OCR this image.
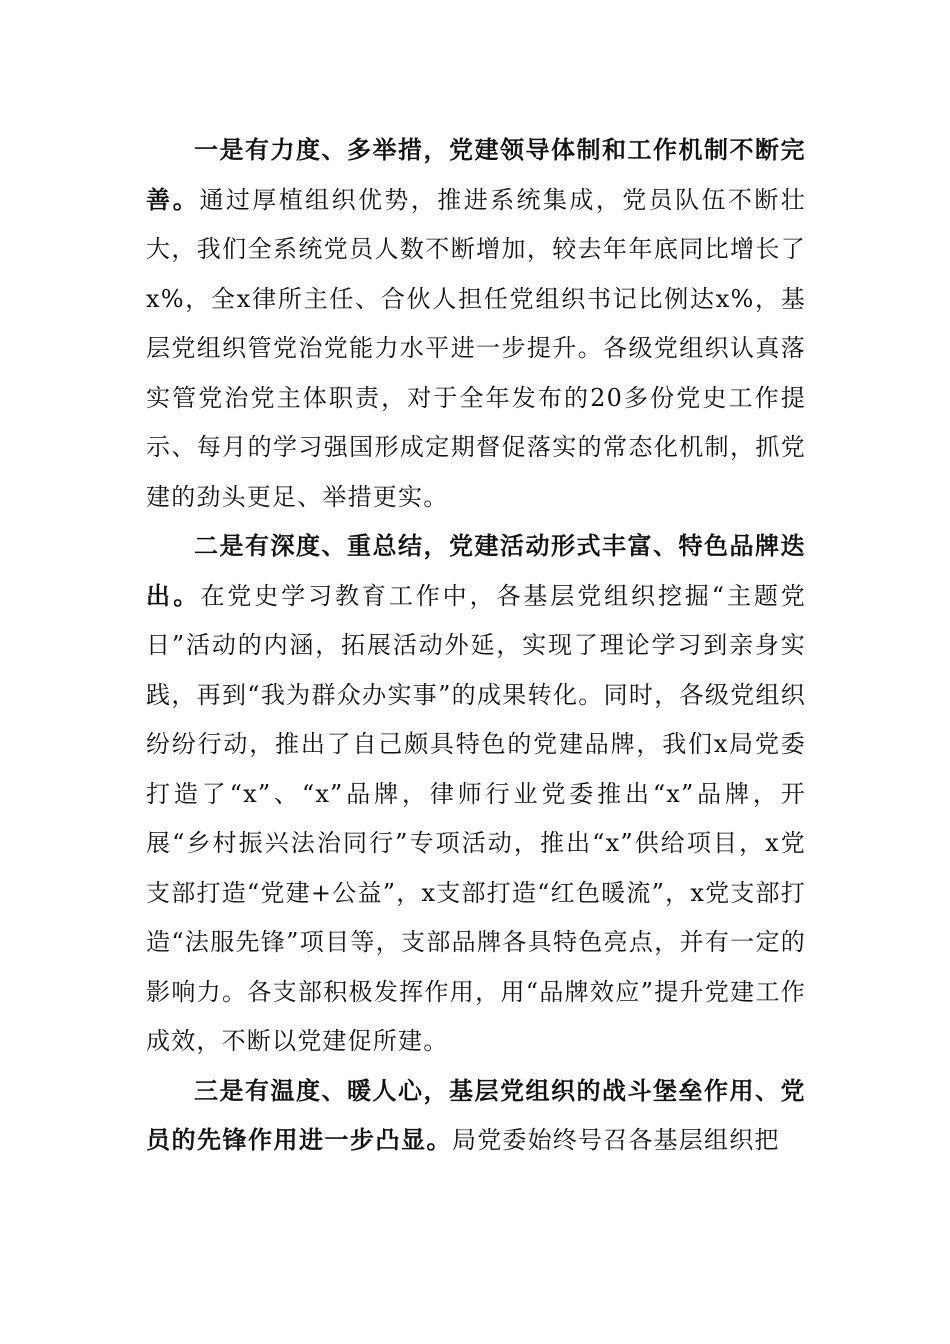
一是有力度、多举措，党建领导体制和工作机制不断完善。通过厚植组织优势，推进系统集成，党员队伍不断壮大，我们全系统党员人数不断增加，较去年年底同比增长了x%，全x律所主任、合伙人担任党组织书记比例达x%，基层党组织管党治党能力水平进一步提升。各级党组织认真落实管党治党主体职责，对于全年发布的20多份党史工作提示、每月的学习强国形成定期督促落实的常态化机制，抓党建的劲头更足、举措更实。

二是有深度、重总结，党建活动形式丰富、特色品牌迭出。在党史学习教育工作中，各基层党组织挖掘“主题党日”活动的内涵，拓展活动外延，实现了理论学习到亲身实践，再到“我为群众办实事”的成果转化。同时，各级党组织纷纷行动，推出了自己颇具特色的党建品牌，我们x局党委打造了“x”、“x”品牌，律师行业党委推出“x”品牌，开展“乡村振兴法治同行”专项活动，推出“x”供给项目，x党支部打造“党建+公益”，x支部打造“红色暖流”，x党支部打造“法服先锋”项目等，支部品牌各具特色亮点，并有一定的影响力。各支部积极发挥作用，用“品牌效应”提升党建工作成效，不断以党建促所建。

三是有温度、暖人心，基层党组织的战斗堡垒作用、党员的先锋作用进一步凸显。局党委始终号召各基层组织把
